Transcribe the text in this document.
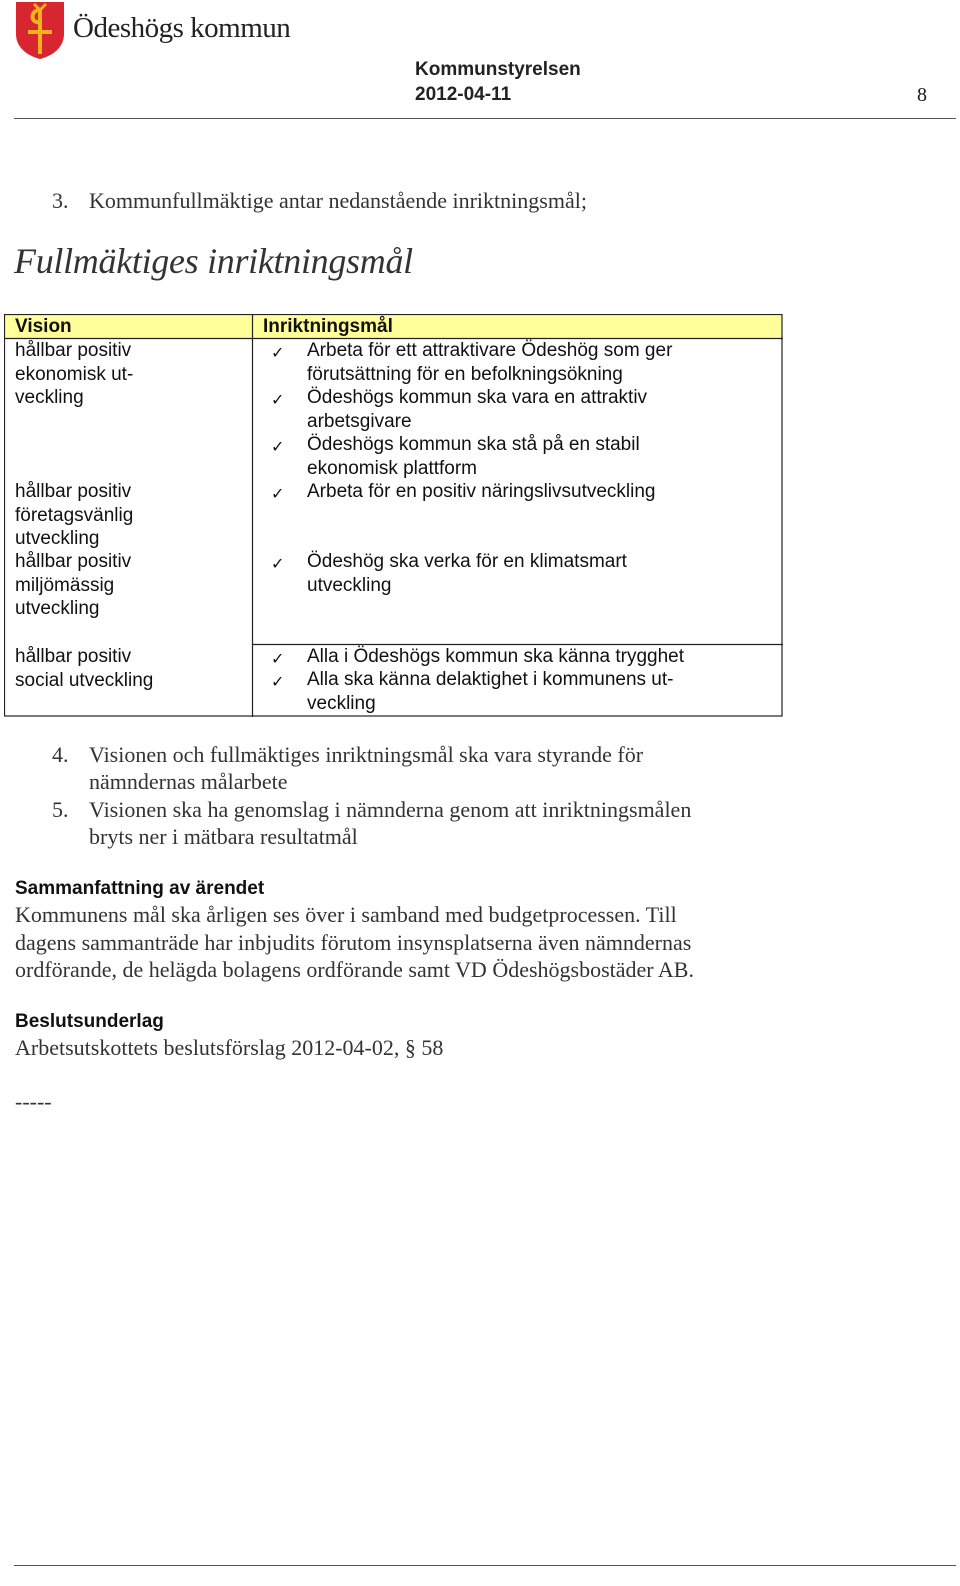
Ödeshögs kommun
Kommunstyrelsen
2012-04-11	8
3. Kommunfullmäktige antar nedanstående inriktningsmål;
Fullmäktiges inriktningsmål
Vision	Inriktningsmål
hållbar positiv
ekonomisk ut-
veckling
hållbar positiv
företagsvänlig
utveckling
hållbar positiv
miljömässig
utveckling
hållbar positiv
social utveckling
✓ Arbeta för ett attraktivare Ödeshög som ger
förutsättning för en befolkningsökning
✓ Ödeshögs kommun ska vara en attraktiv
arbetsgivare
✓ Ödeshögs kommun ska stå på en stabil
ekonomisk plattform
✓ Arbeta för en positiv näringslivsutveckling
✓ Ödeshög ska verka för en klimatsmart
utveckling
✓ Alla i Ödeshögs kommun ska känna trygghet
✓ Alla ska känna delaktighet i kommunens ut-
veckling
4. Visionen och fullmäktiges inriktningsmål ska vara styrande för
nämndernas målarbete
5. Visionen ska ha genomslag i nämnderna genom att inriktningsmålen
bryts ner i mätbara resultatmål
Sammanfattning av ärendet
Kommunens mål ska årligen ses över i samband med budgetprocessen. Till
dagens sammanträde har inbjudits förutom insynsplatserna även nämndernas
ordförande, de helägda bolagens ordförande samt VD Ödeshögsbostäder AB.
Beslutsunderlag
Arbetsutskottets beslutsförslag 2012-04-02, § 58
-----
